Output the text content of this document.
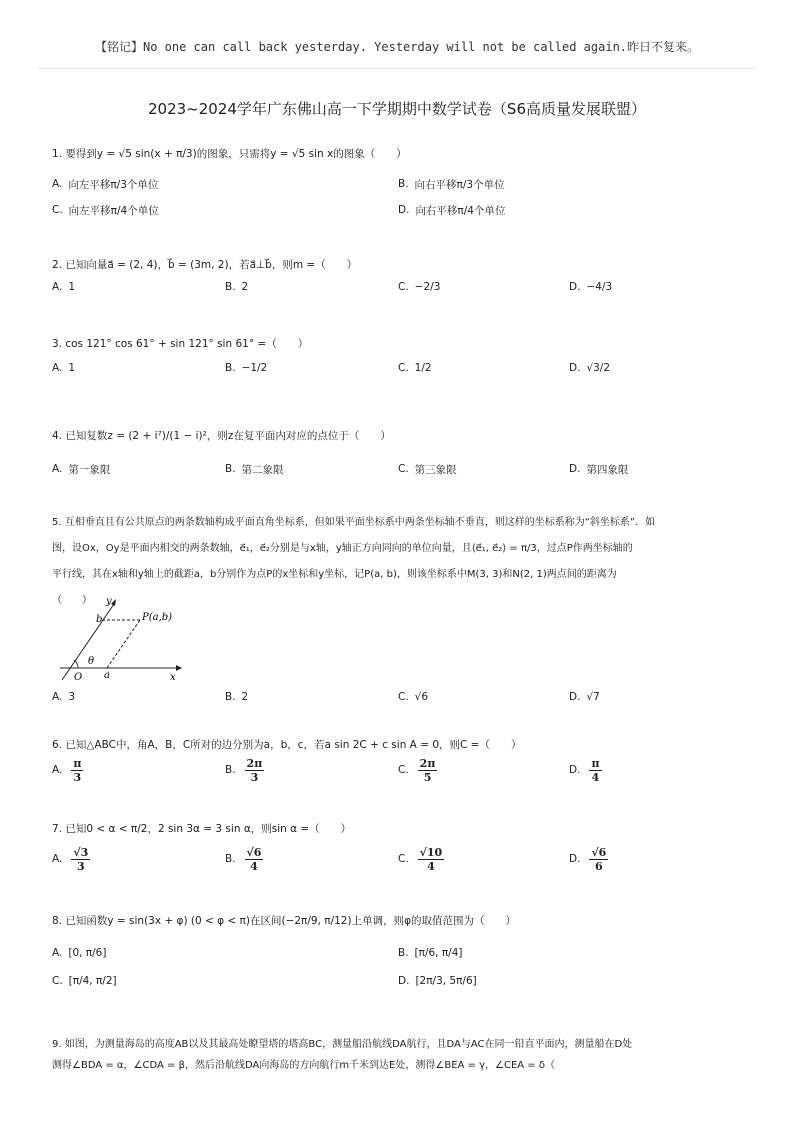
【铭记】No one can call back yesterday. Yesterday will not be called again.昨日不复来。
2023~2024学年广东佛山高一下学期期中数学试卷（S6高质量发展联盟）
1. 要得到y = √5 sin(x + π/3)的图象，只需将y = √5 sin x的图象（　　）
A. 向左平移π/3个单位	B. 向右平移π/3个单位
C. 向左平移π/4个单位	D. 向右平移π/4个单位
2. 已知向量a⃗ = (2, 4)，b⃗ = (3m, 2)，若a⃗⊥b⃗，则m =（　　）
A. 1	B. 2	C. −2/3	D. −4/3
3. cos 121° cos 61° + sin 121° sin 61° =（　　）
A. 1	B. −1/2	C. 1/2	D. √3/2
4. 已知复数z = (2 + i⁷)/(1 − i)²，则z在复平面内对应的点位于（　　）
A. 第一象限	B. 第二象限	C. 第三象限	D. 第四象限
5. 互相垂直且有公共原点的两条数轴构成平面直角坐标系，但如果平面坐标系中两条坐标轴不垂直，则这样的坐标系称为“斜坐标系”．如
图，设Ox，Oy是平面内相交的两条数轴，e⃗₁，e⃗₂分别是与x轴，y轴正方向同向的单位向量，且⟨e⃗₁, e⃗₂⟩ = π/3，过点P作两坐标轴的
平行线，其在x轴和y轴上的截距a，b分别作为点P的x坐标和y坐标，记P(a, b)，则该坐标系中M(3, 3)和N(2, 1)两点间的距离为
（　　）	y
b	P(a,b)
θ
O a	x
A. 3	B. 2	C. √6	D. √7
6. 已知△ABC中，角A，B，C所对的边分别为a，b，c，若a sin 2C + c sin A = 0，则C =（　　）
A. $\frac{\pi}{3}$	B. $\frac{2\pi}{3}$	C. $\frac{2\pi}{5}$	D. $\frac{\pi}{4}$
7. 已知0 < α < π/2，2 sin 3α = 3 sin α，则sin α =（　　）
A. $\frac{√3}{3}$	B. $\frac{√6}{4}$	C. $\frac{√10}{4}$	D. $\frac{√6}{6}$
8. 已知函数y = sin(3x + φ) (0 < φ < π)在区间(−2π/9, π/12)上单调，则φ的取值范围为（　　）
A. [0, π/6]	B. [π/6, π/4]
C. [π/4, π/2]	D. [2π/3, 5π/6]
9. 如图，为测量海岛的高度AB以及其最高处瞭望塔的塔高BC，测量船沿航线DA航行，且DA与AC在同一铅直平面内，测量船在D处
测得∠BDA = α，∠CDA = β，然后沿航线DA向海岛的方向航行m千米到达E处，测得∠BEA = γ，∠CEA = δ（
